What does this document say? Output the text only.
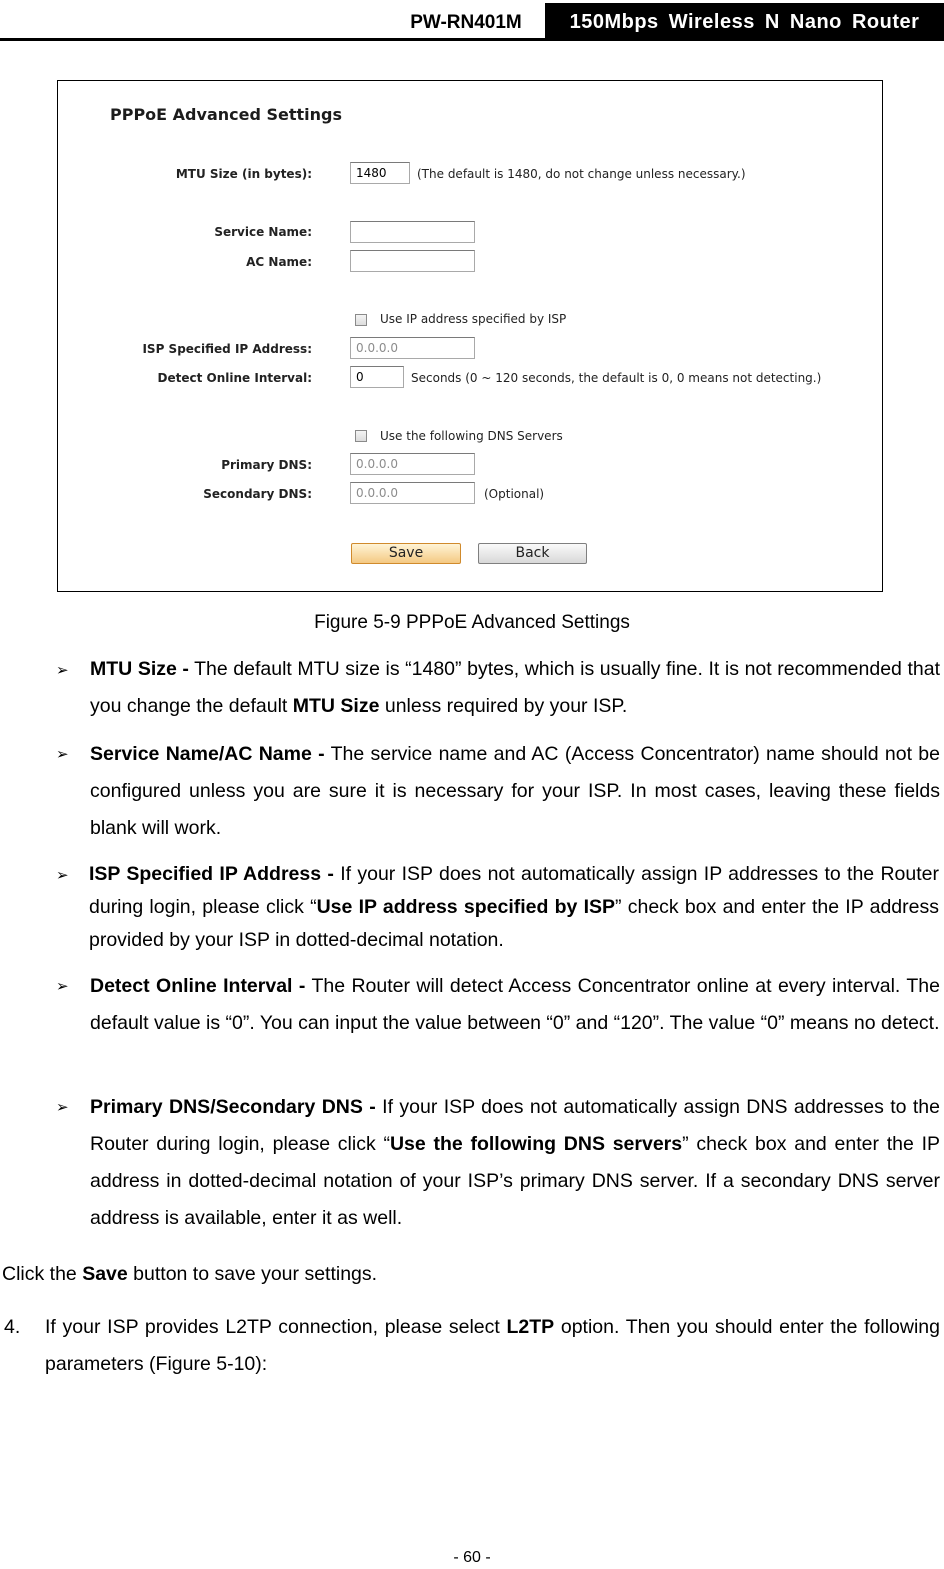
PW-RN401M	150Mbps Wireless N Nano Router
PPPoE Advanced Settings
MTU Size (in bytes):
1480	(The default is 1480, do not change unless necessary.)
Service Name:
AC Name:
Use IP address specified by ISP
ISP Specified IP Address:
0.0.0.0
Detect Online Interval:
0	Seconds (0 ~ 120 seconds, the default is 0, 0 means not detecting.)
Use the following DNS Servers
Primary DNS:
0.0.0.0
Secondary DNS:
0.0.0.0	(Optional)
Save	Back
Figure 5-9 PPPoE Advanced Settings
➢ MTU Size - The default MTU size is “1480” bytes, which is usually fine. It is not recommended that you change the default MTU Size unless required by your ISP.
➢ Service Name/AC Name - The service name and AC (Access Concentrator) name should not be configured unless you are sure it is necessary for your ISP. In most cases, leaving these fields blank will work.
➢ ISP Specified IP Address - If your ISP does not automatically assign IP addresses to the Router during login, please click “Use IP address specified by ISP” check box and enter the IP address provided by your ISP in dotted-decimal notation.
➢ Detect Online Interval - The Router will detect Access Concentrator online at every interval. The default value is “0”. You can input the value between “0” and “120”. The value “0” means no detect.
➢ Primary DNS/Secondary DNS - If your ISP does not automatically assign DNS addresses to the Router during login, please click “Use the following DNS servers” check box and enter the IP address in dotted-decimal notation of your ISP’s primary DNS server. If a secondary DNS server address is available, enter it as well.
Click the Save button to save your settings.
4. If your ISP provides L2TP connection, please select L2TP option. Then you should enter the following parameters (Figure 5-10):
- 60 -
